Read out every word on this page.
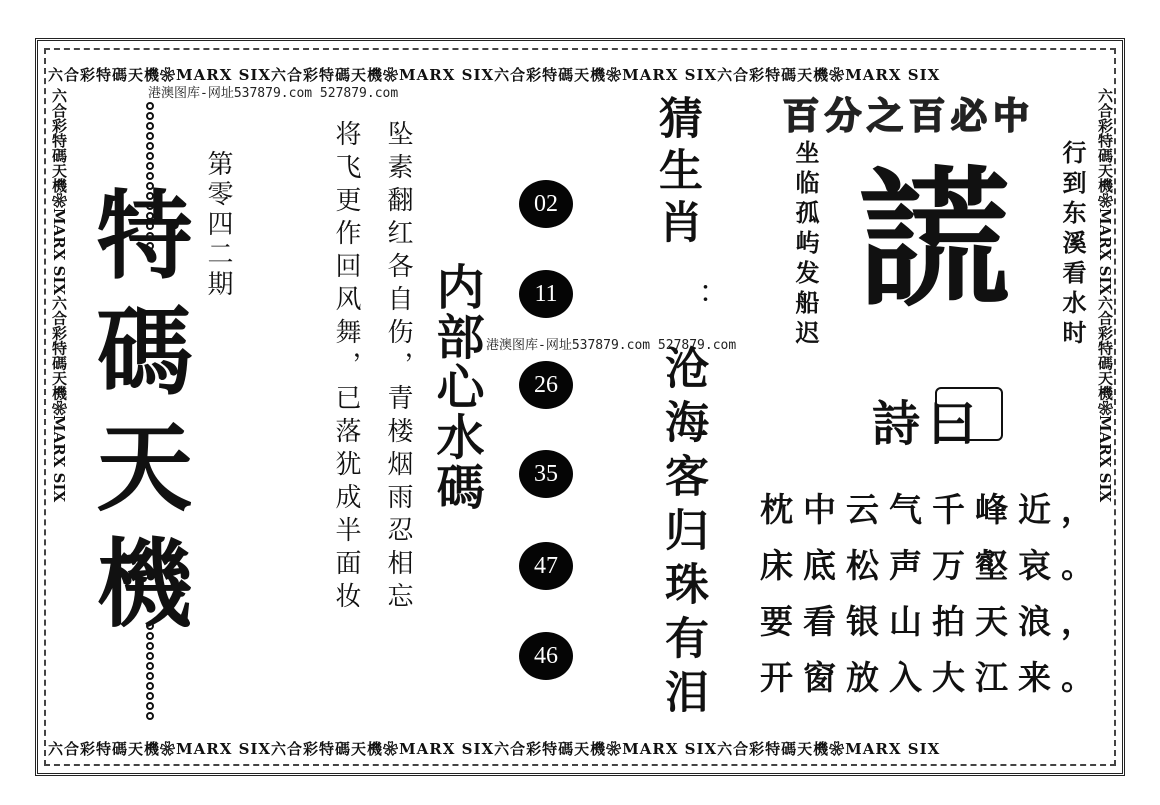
六合彩特碼天機❀MARX SIX六合彩特碼天機❀MARX SIX六合彩特碼天機❀MARX SIX六合彩特碼天機❀MARX SIX
六合彩特碼天機❀MARX SIX六合彩特碼天機❀MARX SIX六合彩特碼天機❀MARX SIX六合彩特碼天機❀MARX SIX
六合彩特碼天機❀MARX SIX六合彩特碼天機❀MARX SIX	六合彩特碼天機❀MARX SIX六合彩特碼天機❀MARX SIX
港澳图库-网址537879.com 527879.com
港澳图库-网址537879.com 527879.com
特碼天機 第零四二期	坠素翻红各自伤，青楼烟雨忍相忘
将飞更作回风舞，已落犹成半面妆 内部心水碼
02
11
26
35
47
46
猜生肖
：
沧海客归珠有泪
百分之百必中
行到东溪看水时
坐临孤屿发船迟 謊
詩曰
枕中云气千峰近，
床底松声万壑哀。
要看银山拍天浪，
开窗放入大江来。
